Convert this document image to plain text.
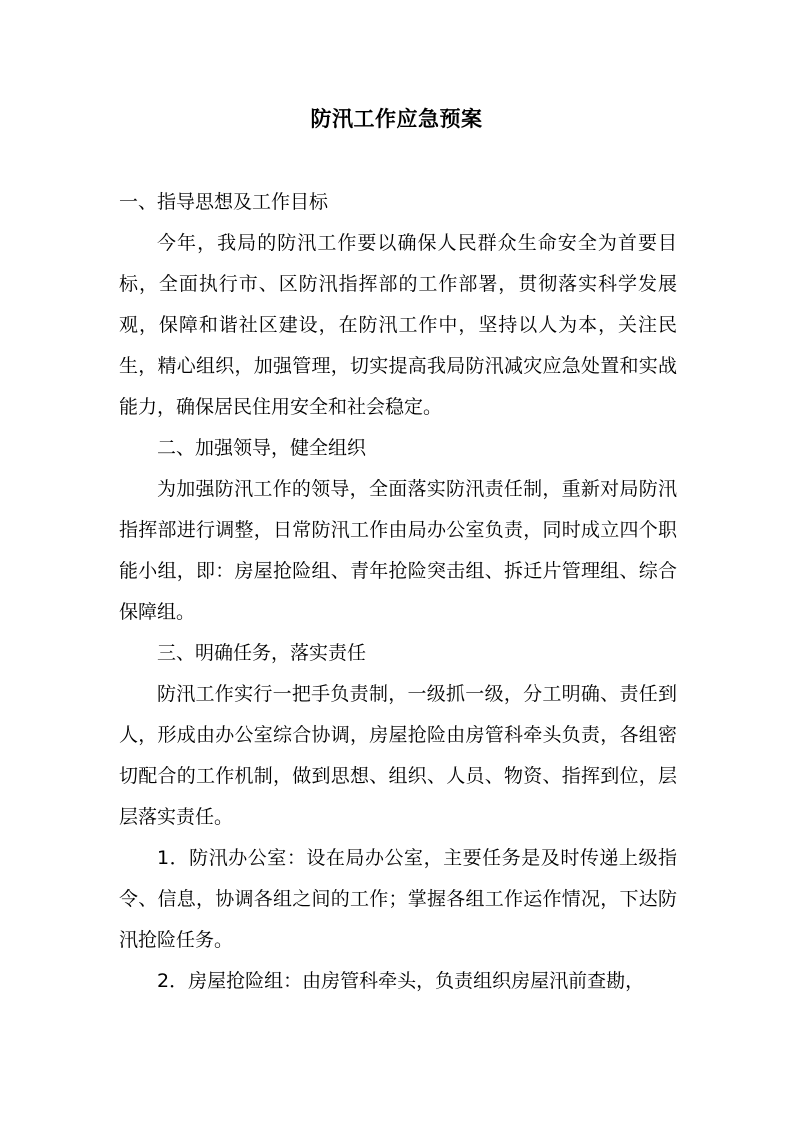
防汛工作应急预案

一、指导思想及工作目标

今年，我局的防汛工作要以确保人民群众生命安全为首要目标，全面执行市、区防汛指挥部的工作部署，贯彻落实科学发展观，保障和谐社区建设，在防汛工作中，坚持以人为本，关注民生，精心组织，加强管理，切实提高我局防汛减灾应急处置和实战能力，确保居民住用安全和社会稳定。

二、加强领导，健全组织

为加强防汛工作的领导，全面落实防汛责任制，重新对局防汛指挥部进行调整，日常防汛工作由局办公室负责，同时成立四个职能小组，即：房屋抢险组、青年抢险突击组、拆迁片管理组、综合保障组。

三、明确任务，落实责任

防汛工作实行一把手负责制，一级抓一级，分工明确、责任到人，形成由办公室综合协调，房屋抢险由房管科牵头负责，各组密切配合的工作机制，做到思想、组织、人员、物资、指挥到位，层层落实责任。

1．防汛办公室：设在局办公室，主要任务是及时传递上级指令、信息，协调各组之间的工作；掌握各组工作运作情况，下达防汛抢险任务。

2．房屋抢险组：由房管科牵头，负责组织房屋汛前查勘，
